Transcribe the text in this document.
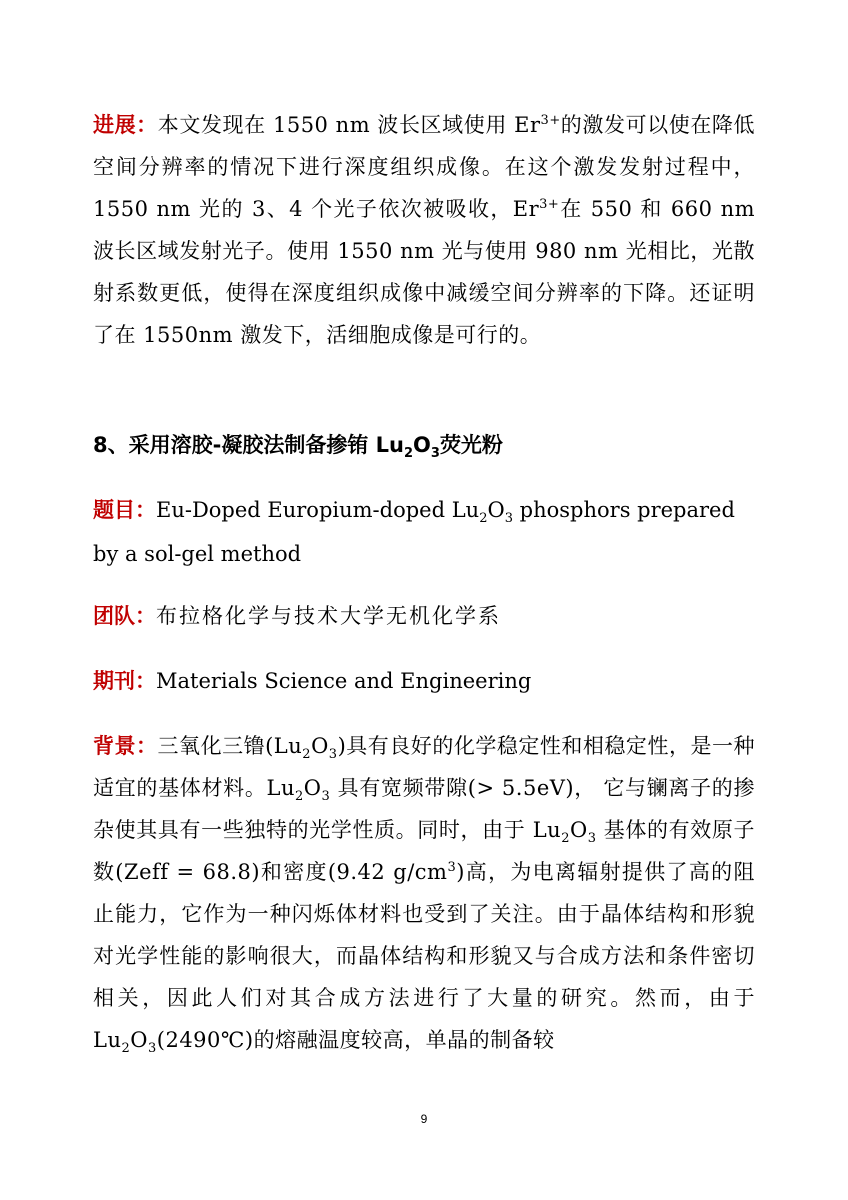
进展：本文发现在 1550 nm 波长区域使用 $Er^{3+}$的激发可以使在降低空间分辨率的情况下进行深度组织成像。在这个激发发射过程中，1550 nm 光的 3、4 个光子依次被吸收，$Er^{3+}$在 550 和 660 nm 波长区域发射光子。使用 1550 nm 光与使用 980 nm 光相比，光散射系数更低，使得在深度组织成像中减缓空间分辨率的下降。还证明了在 1550nm 激发下，活细胞成像是可行的。

8、采用溶胶-凝胶法制备掺铕 $Lu_2O_3$荧光粉

题目：Eu-Doped Europium-doped $Lu_2O_3$ phosphors prepared by a sol-gel method

团队：布拉格化学与技术大学无机化学系

期刊：Materials Science and Engineering

背景：三氧化三镥$(Lu_2O_3)$具有良好的化学稳定性和相稳定性，是一种适宜的基体材料。$Lu_2O_3$ 具有宽频带隙(> 5.5eV)， 它与镧离子的掺杂使其具有一些独特的光学性质。同时，由于 $Lu_2O_3$ 基体的有效原子数(Zeff = 68.8)和密度(9.42 $g/cm^3$)高，为电离辐射提供了高的阻止能力，它作为一种闪烁体材料也受到了关注。由于晶体结构和形貌对光学性能的影响很大，而晶体结构和形貌又与合成方法和条件密切相关，因此人们对其合成方法进行了大量的研究。然而，由于 $Lu_2O_3(2490℃)$的熔融温度较高，单晶的制备较

9
